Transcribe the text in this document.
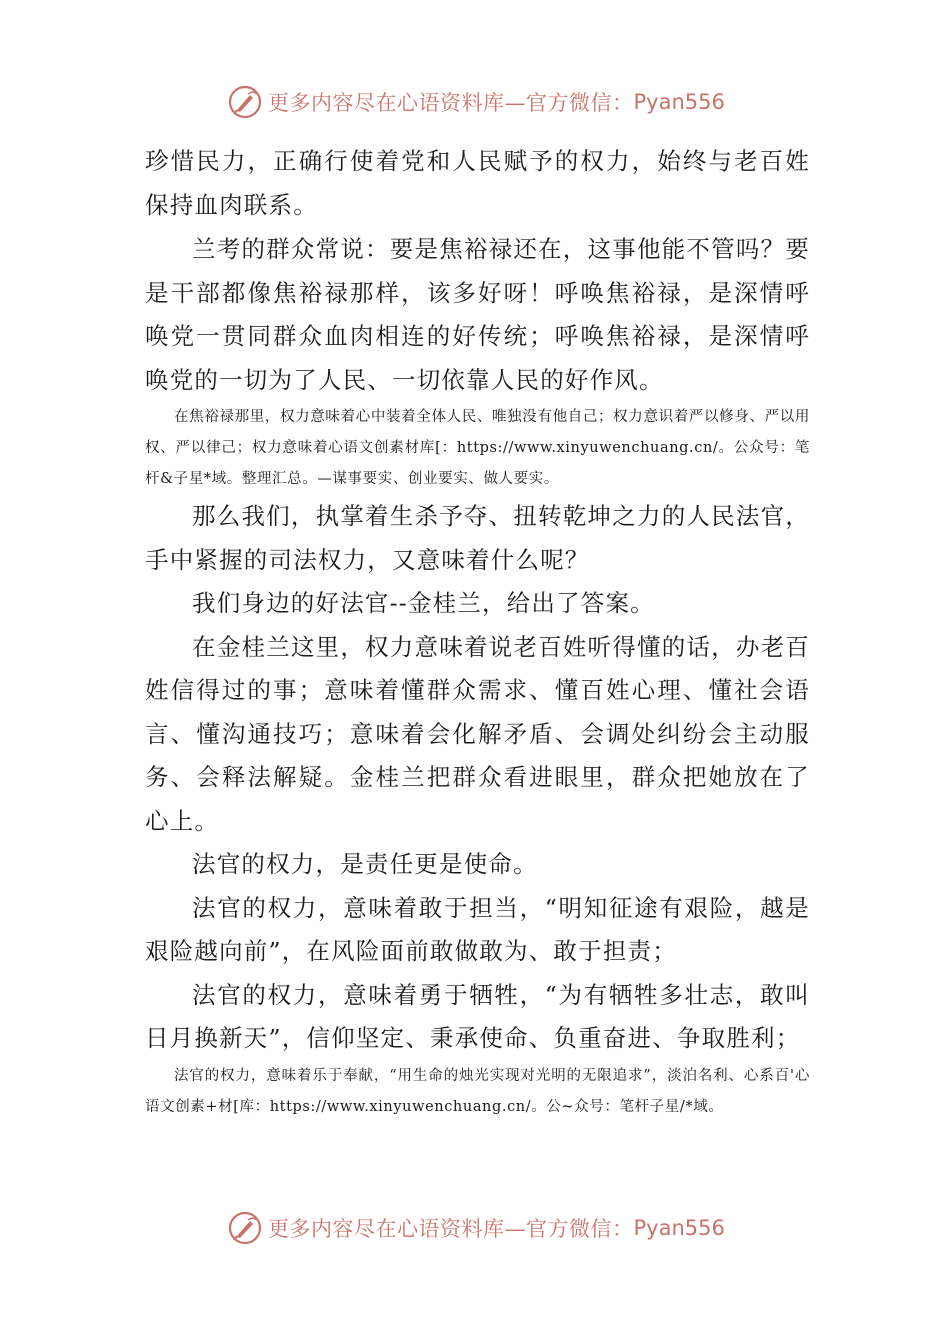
更多内容尽在心语资料库—官方微信： Pyan556

珍惜民力，正确行使着党和人民赋予的权力，始终与老百姓保持血肉联系。

兰考的群众常说：要是焦裕禄还在，这事他能不管吗？要是干部都像焦裕禄那样，该多好呀！呼唤焦裕禄，是深情呼唤党一贯同群众血肉相连的好传统；呼唤焦裕禄，是深情呼唤党的一切为了人民、一切依靠人民的好作风。

在焦裕禄那里，权力意味着心中装着全体人民、唯独没有他自己；权力意识着严以修身、严以用权、严以律己；权力意味着心语文创素材库[：https://www.xinyuwenchuang.cn/。公众号：笔杆&子星*域。整理汇总。—谋事要实、创业要实、做人要实。

那么我们，执掌着生杀予夺、扭转乾坤之力的人民法官，手中紧握的司法权力，又意味着什么呢？

我们身边的好法官--金桂兰，给出了答案。

在金桂兰这里，权力意味着说老百姓听得懂的话，办老百姓信得过的事；意味着懂群众需求、懂百姓心理、懂社会语言、懂沟通技巧；意味着会化解矛盾、会调处纠纷会主动服务、会释法解疑。金桂兰把群众看进眼里，群众把她放在了心上。

法官的权力，是责任更是使命。

法官的权力，意味着敢于担当，“明知征途有艰险，越是艰险越向前”，在风险面前敢做敢为、敢于担责；

法官的权力，意味着勇于牺牲，“为有牺牲多壮志，敢叫日月换新天”，信仰坚定、秉承使命、负重奋进、争取胜利；

法官的权力，意味着乐于奉献，“用生命的烛光实现对光明的无限追求”，淡泊名利、心系百'心语文创素+材[库：https://www.xinyuwenchuang.cn/。公~众号：笔杆子星/*域。

更多内容尽在心语资料库—官方微信： Pyan556
